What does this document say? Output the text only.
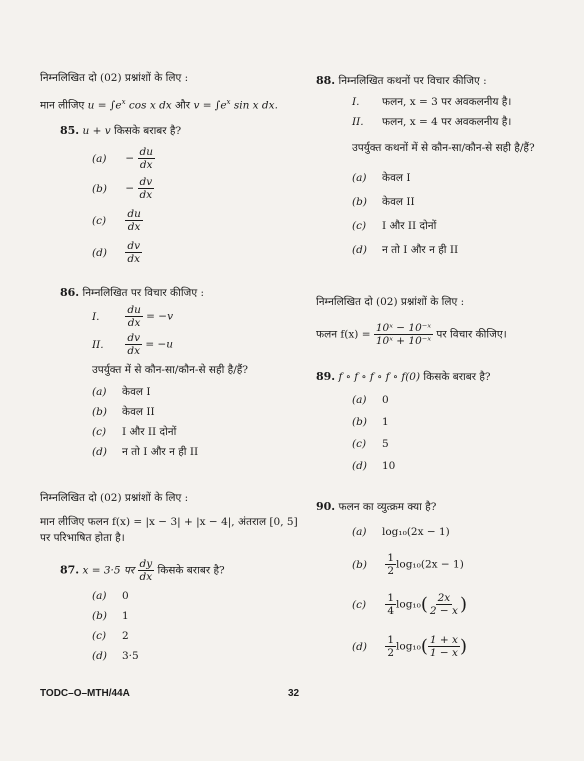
निम्नलिखित दो (02) प्रश्नांशों के लिए :
मान लीजिए $u = \int e^x$ cos x dx और $v = \int e^x$ sin x dx.
85. u + v किसके बराबर है?
$(a) - \frac{du}{dx}$
$(b) - \frac{dv}{dx}$
$(c) \frac{du}{dx}$
$(d) \frac{dv}{dx}$
86. निम्नलिखित पर विचार कीजिए :
I. $\frac{du}{dx} = -v$
II. $\frac{dv}{dx} = -u$
उपर्युक्त में से कौन-सा/कौन-से सही है/हैं?
(a) केवल I
(b) केवल II
(c) I और II दोनों
(d) न तो I और न ही II
निम्नलिखित दो (02) प्रश्नांशों के लिए :
मान लीजिए फलन f(x) = |x − 3| + |x − 4|, अंतराल [0, 5]
पर परिभाषित होता है।
87. x = 3·5 पर $\frac{dy}{dx}$ किसके बराबर है?
(a) 0
(b) 1
(c) 2
(d) 3·5
88. निम्नलिखित कथनों पर विचार कीजिए :
I. फलन, x = 3 पर अवकलनीय है।
II. फलन, x = 4 पर अवकलनीय है।
उपर्युक्त कथनों में से कौन-सा/कौन-से सही है/हैं?
(a) केवल I
(b) केवल II
(c) I और II दोनों
(d) न तो I और न ही II
निम्नलिखित दो (02) प्रश्नांशों के लिए :
फलन $f(x) = \frac{\text{10ˣ − 10⁻ˣ}}{\text{10ˣ + 10⁻ˣ}}$ पर विचार कीजिए।
89. f ∘ f ∘ f ∘ f ∘ f(0) किसके बराबर है?
(a) 0
(b) 1
(c) 5
(d) 10
90. फलन का व्युत्क्रम क्या है?
(a) log₁₀(2x − 1)
$(b) \frac{1}{2} \log_{10}(2x - 1)$
$(c) \frac{1}{4} \log_{10}( \frac{2x}{2 - x}$ )
$(d) \frac{1}{2} \log_{10}( \frac{1 + x}{1 - x}$ )
TODC–O–MTH/44A	32
